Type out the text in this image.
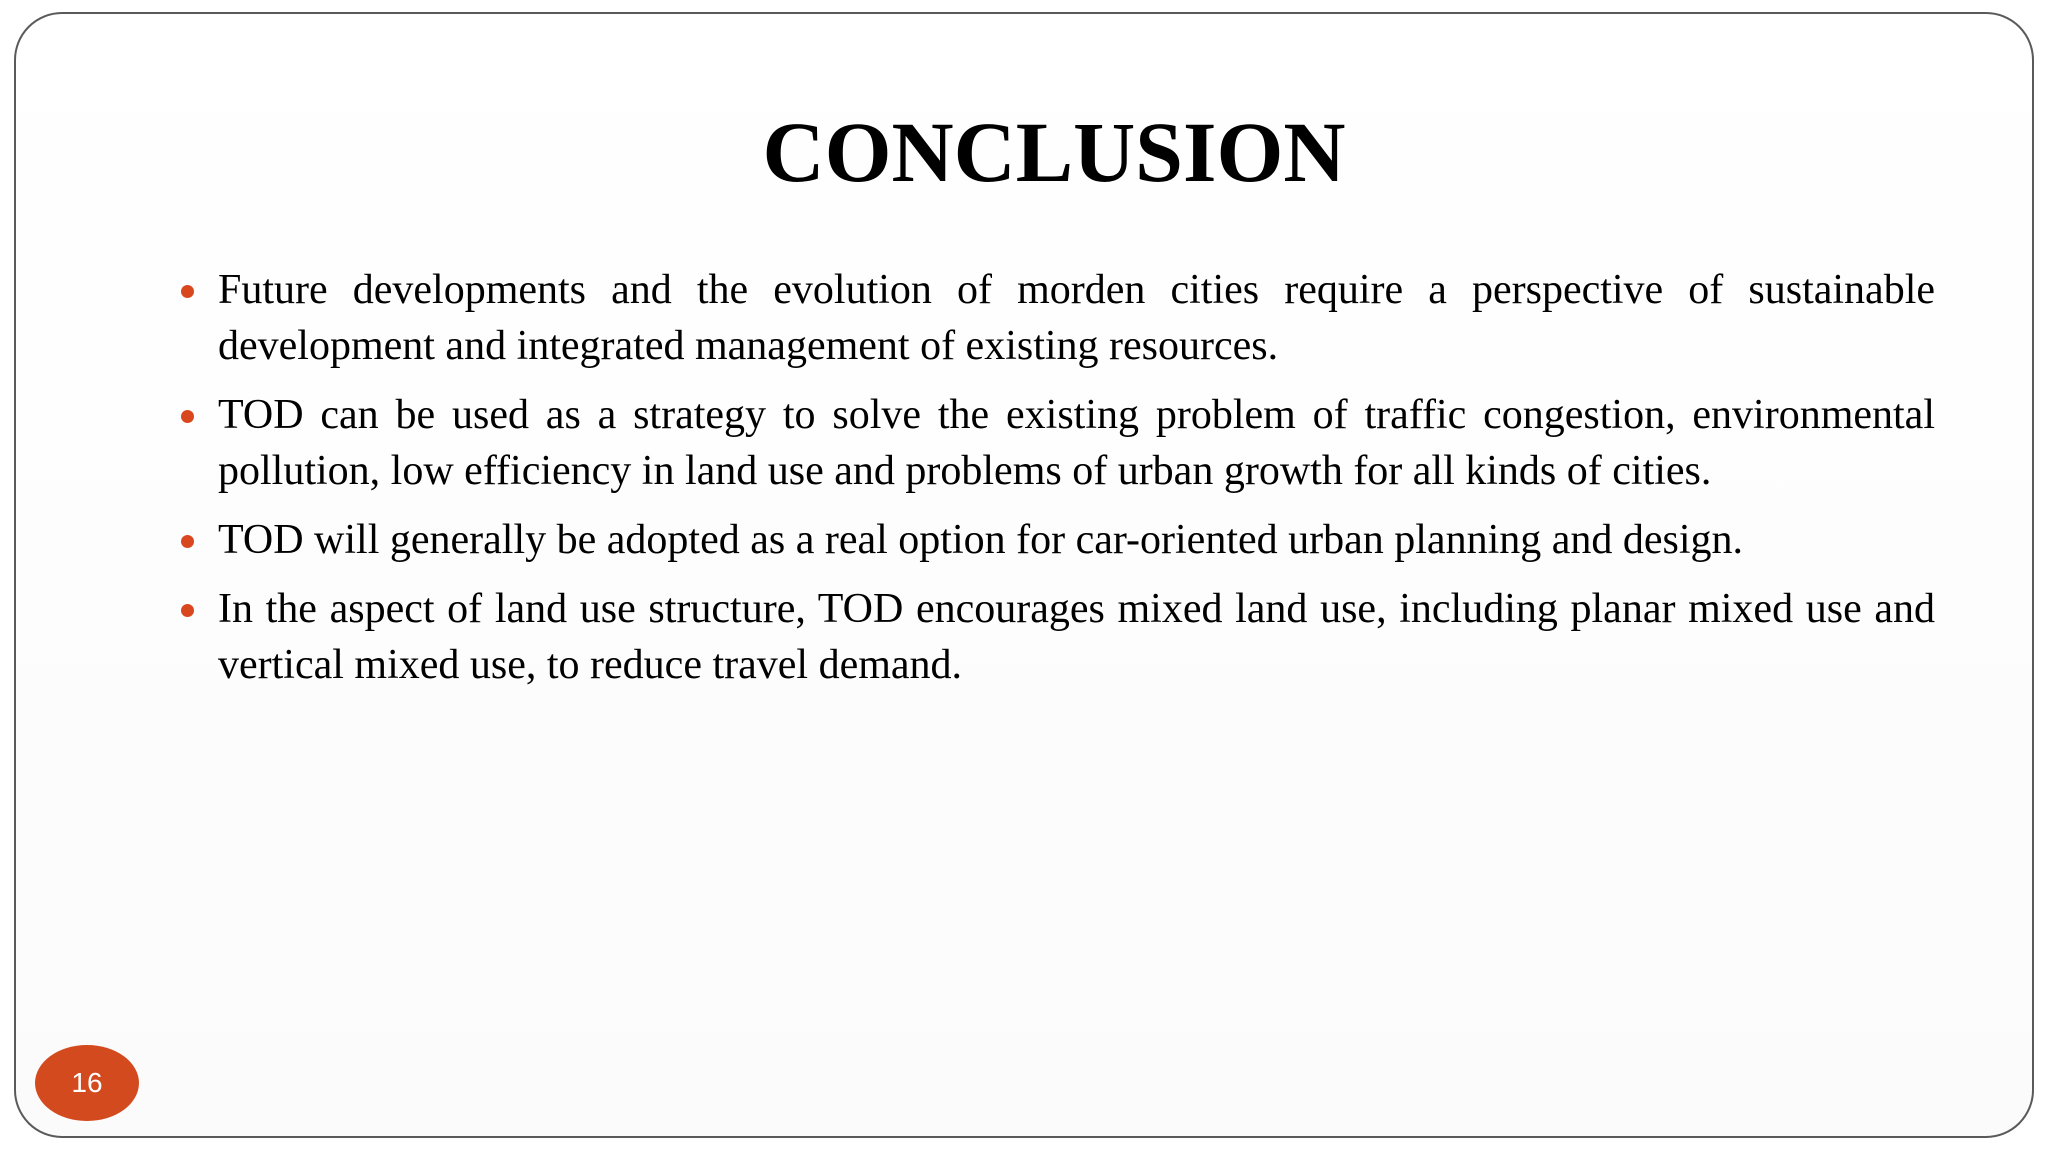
CONCLUSION
Future developments and the evolution of morden cities require a perspective of sustainable development and integrated management of existing resources.
TOD can be used as a strategy to solve the existing problem of traffic congestion, environmental pollution, low efficiency in land use and problems of urban growth for all kinds of cities.
TOD will generally be adopted as a real option for car-oriented urban planning and design.
In the aspect of land use structure, TOD encourages mixed land use, including planar mixed use and vertical mixed use, to reduce travel demand.
16
